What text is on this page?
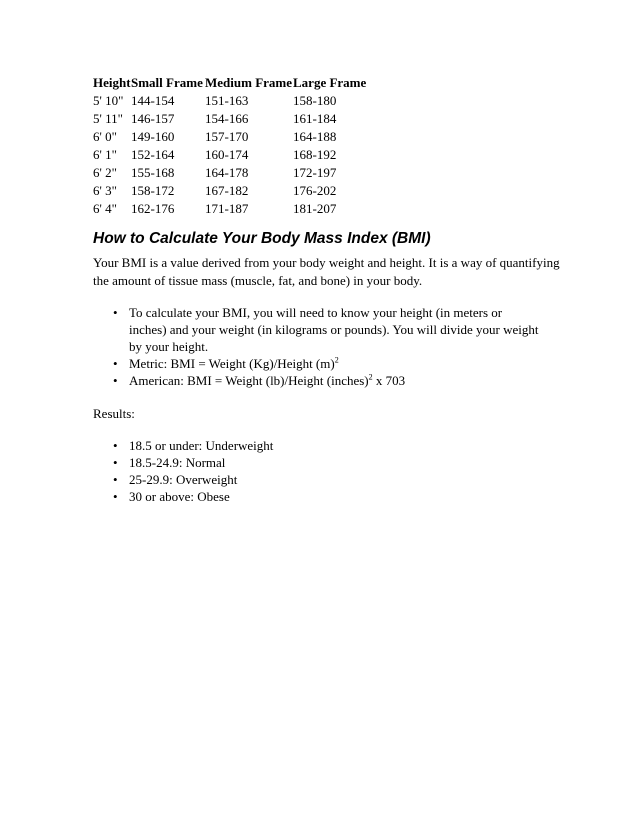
Height	Small Frame	Medium Frame	Large Frame
5' 10"	144-154	151-163	158-180
5' 11"	146-157	154-166	161-184
6' 0"	149-160	157-170	164-188
6' 1"	152-164	160-174	168-192
6' 2"	155-168	164-178	172-197
6' 3"	158-172	167-182	176-202
6' 4"	162-176	171-187	181-207
How to Calculate Your Body Mass Index (BMI)

Your BMI is a value derived from your body weight and height. It is a way of quantifying the amount of tissue mass (muscle, fat, and bone) in your body.

• To calculate your BMI, you will need to know your height (in meters or inches) and your weight (in kilograms or pounds). You will divide your weight by your height.
• Metric: BMI = Weight (Kg)/Height $(m)^2$
• American: BMI = Weight (lb)/Height (inches)$^2$ x 703

Results:

• 18.5 or under: Underweight
• 18.5-24.9: Normal
• 25-29.9: Overweight
• 30 or above: Obese
